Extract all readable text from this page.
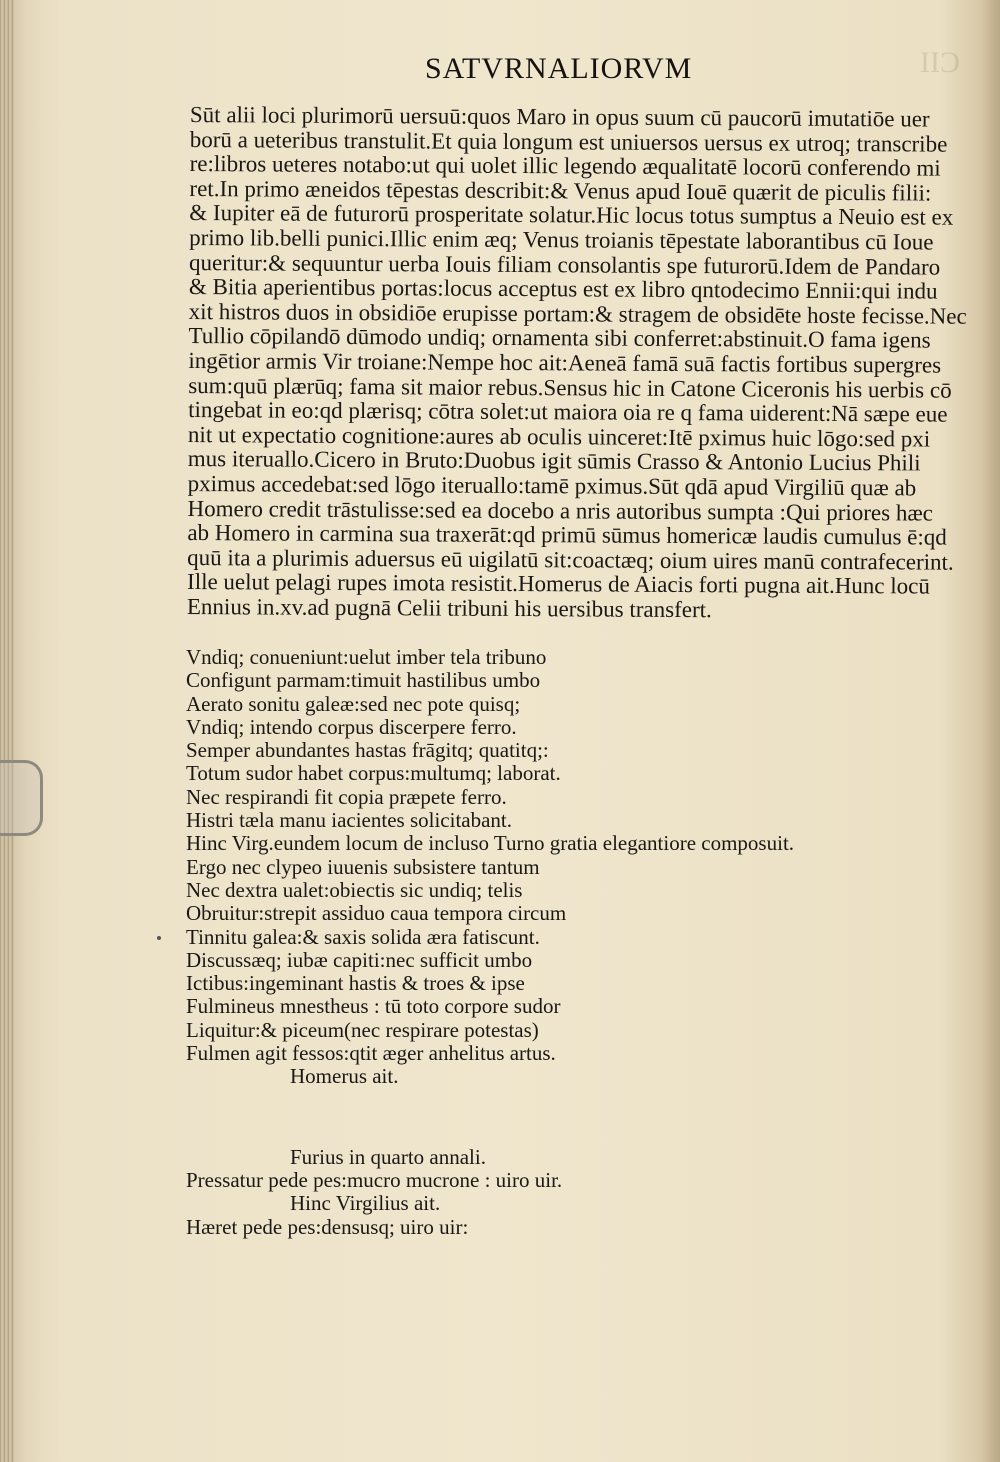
CII
SATVRNALIORVM
Sūt alii loci plurimorū uersuū:quos Maro in opus suum cū paucorū imutatiōe uer
borū a ueteribus transtulit.Et quia longum est uniuersos uersus ex utroq; transcribe
re:libros ueteres notabo:ut qui uolet illic legendo æqualitatē locorū conferendo mi
ret.In primo æneidos tēpestas describit:& Venus apud Iouē quærit de piculis filii:
& Iupiter eā de futurorū prosperitate solatur.Hic locus totus sumptus a Neuio est ex
primo lib.belli punici.Illic enim æq; Venus troianis tēpestate laborantibus cū Ioue
queritur:& sequuntur uerba Iouis filiam consolantis spe futurorū.Idem de Pandaro
& Bitia aperientibus portas:locus acceptus est ex libro qntodecimo Ennii:qui indu
xit histros duos in obsidiōe erupisse portam:& stragem de obsidēte hoste fecisse.Nec
Tullio cōpilandō dūmodo undiq; ornamenta sibi conferret:abstinuit.O fama igens
ingētior armis Vir troiane:Nempe hoc ait:Aeneā famā suā factis fortibus supergres
sum:quū plærūq; fama sit maior rebus.Sensus hic in Catone Ciceronis his uerbis cō
tingebat in eo:qd plærisq; cōtra solet:ut maiora oia re q fama uiderent:Nā sæpe eue
nit ut expectatio cognitione:aures ab oculis uinceret:Itē pximus huic lōgo:sed pxi
mus iteruallo.Cicero in Bruto:Duobus igit sūmis Crasso & Antonio Lucius Phili
pximus accedebat:sed lōgo iteruallo:tamē pximus.Sūt qdā apud Virgiliū quæ ab
Homero credit trāstulisse:sed ea docebo a nris autoribus sumpta :Qui priores hæc
ab Homero in carmina sua traxerāt:qd primū sūmus homericæ laudis cumulus ē:qd
quū ita a plurimis aduersus eū uigilatū sit:coactæq; oium uires manū contrafecerint.
Ille uelut pelagi rupes imota resistit.Homerus de Aiacis forti pugna ait.Hunc locū
Ennius in.xv.ad pugnā Celii tribuni his uersibus transfert.
Vndiq; conueniunt:uelut imber tela tribuno
Configunt parmam:timuit hastilibus umbo
Aerato sonitu galeæ:sed nec pote quisq;
Vndiq; intendo corpus discerpere ferro.
Semper abundantes hastas frāgitq; quatitq;:
Totum sudor habet corpus:multumq; laborat.
Nec respirandi fit copia præpete ferro.
Histri tæla manu iacientes solicitabant.
Hinc Virg.eundem locum de incluso Turno gratia elegantiore composuit.
Ergo nec clypeo iuuenis subsistere tantum
Nec dextra ualet:obiectis sic undiq; telis
Obruitur:strepit assiduo caua tempora circum
Tinnitu galea:& saxis solida æra fatiscunt.
Discussæq; iubæ capiti:nec sufficit umbo
Ictibus:ingeminant hastis & troes & ipse
Fulmineus mnestheus : tū toto corpore sudor
Liquitur:& piceum(nec respirare potestas)
Fulmen agit fessos:qtit æger anhelitus artus.
Homerus ait.
Furius in quarto annali.
Pressatur pede pes:mucro mucrone : uiro uir.
Hinc Virgilius ait.
Hæret pede pes:densusq; uiro uir:
